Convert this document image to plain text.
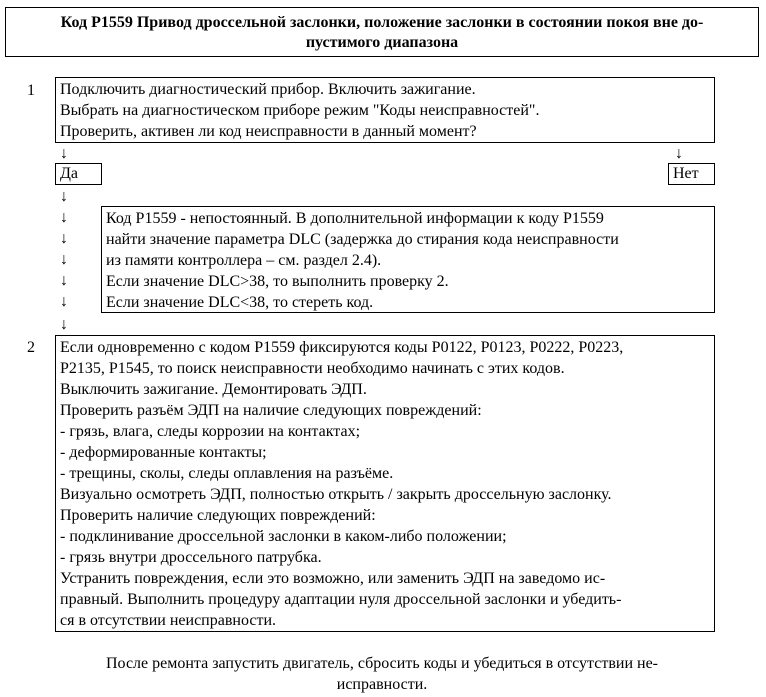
Код P1559 Привод дроссельной заслонки, положение заслонки в состоянии покоя вне до-
пустимого диапазона
1 Подключить диагностический прибор. Включить зажигание.
Выбрать на диагностическом приборе режим "Коды неисправностей".
Проверить, активен ли код неисправности в данный момент?
↓	↓
Да	Нет
↓
↓
↓
↓
↓
↓
↓
Код P1559 - непостоянный. В дополнительной информации к коду P1559
найти значение параметра DLC (задержка до стирания кода неисправности
из памяти контроллера – см. раздел 2.4).
Если значение DLC>38, то выполнить проверку 2.
Если значение DLC<38, то стереть код.
2 Если одновременно с кодом P1559 фиксируются коды P0122, P0123, P0222, P0223,
P2135, P1545, то поиск неисправности необходимо начинать с этих кодов.
Выключить зажигание. Демонтировать ЭДП.
Проверить разъём ЭДП на наличие следующих повреждений:
- грязь, влага, следы коррозии на контактах;
- деформированные контакты;
- трещины, сколы, следы оплавления на разъёме.
Визуально осмотреть ЭДП, полностью открыть / закрыть дроссельную заслонку.
Проверить наличие следующих повреждений:
- подклинивание дроссельной заслонки в каком-либо положении;
- грязь внутри дроссельного патрубка.
Устранить повреждения, если это возможно, или заменить ЭДП на заведомо ис-
правный. Выполнить процедуру адаптации нуля дроссельной заслонки и убедить-
ся в отсутствии неисправности.
После ремонта запустить двигатель, сбросить коды и убедиться в отсутствии не-
исправности.
